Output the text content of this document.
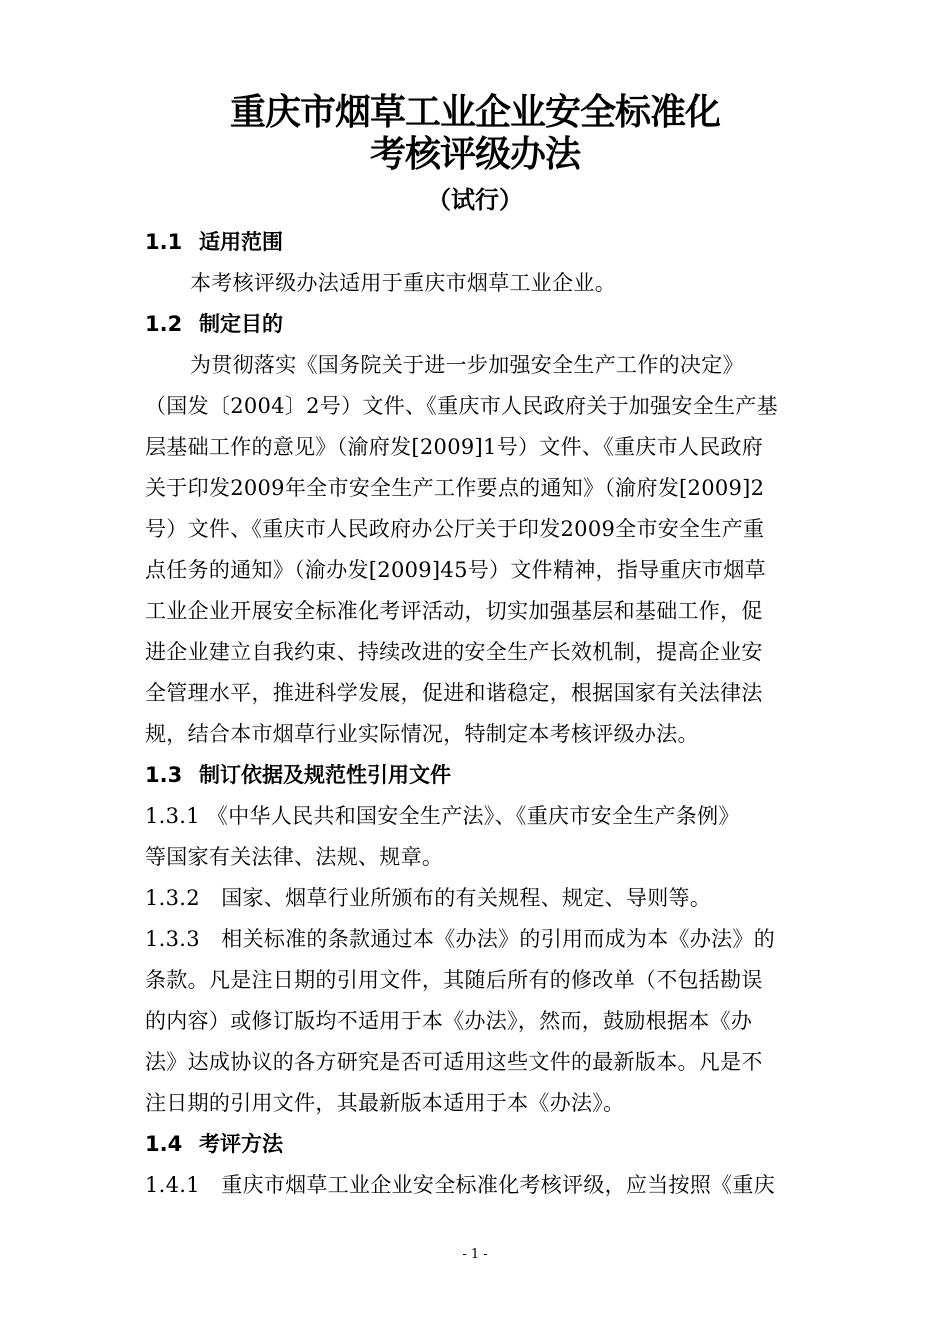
重庆市烟草工业企业安全标准化
考核评级办法
（试行）
1.1 适用范围
本考核评级办法适用于重庆市烟草工业企业。
1.2 制定目的
为贯彻落实《国务院关于进一步加强安全生产工作的决定》
（国发〔2004〕2号）文件、《重庆市人民政府关于加强安全生产基
层基础工作的意见》（渝府发[2009]1号）文件、《重庆市人民政府
关于印发2009年全市安全生产工作要点的通知》（渝府发[2009]2
号）文件、《重庆市人民政府办公厅关于印发2009全市安全生产重
点任务的通知》（渝办发[2009]45号）文件精神，指导重庆市烟草
工业企业开展安全标准化考评活动，切实加强基层和基础工作，促
进企业建立自我约束、持续改进的安全生产长效机制，提高企业安
全管理水平，推进科学发展，促进和谐稳定，根据国家有关法律法
规，结合本市烟草行业实际情况，特制定本考核评级办法。
1.3 制订依据及规范性引用文件
1.3.1 《中华人民共和国安全生产法》、《重庆市安全生产条例》
等国家有关法律、法规、规章。
1.3.2　国家、烟草行业所颁布的有关规程、规定、导则等。
1.3.3　相关标准的条款通过本《办法》的引用而成为本《办法》的
条款。凡是注日期的引用文件，其随后所有的修改单（不包括勘误
的内容）或修订版均不适用于本《办法》，然而，鼓励根据本《办
法》达成协议的各方研究是否可适用这些文件的最新版本。凡是不
注日期的引用文件，其最新版本适用于本《办法》。
1.4 考评方法
1.4.1　重庆市烟草工业企业安全标准化考核评级，应当按照《重庆
- 1 -
